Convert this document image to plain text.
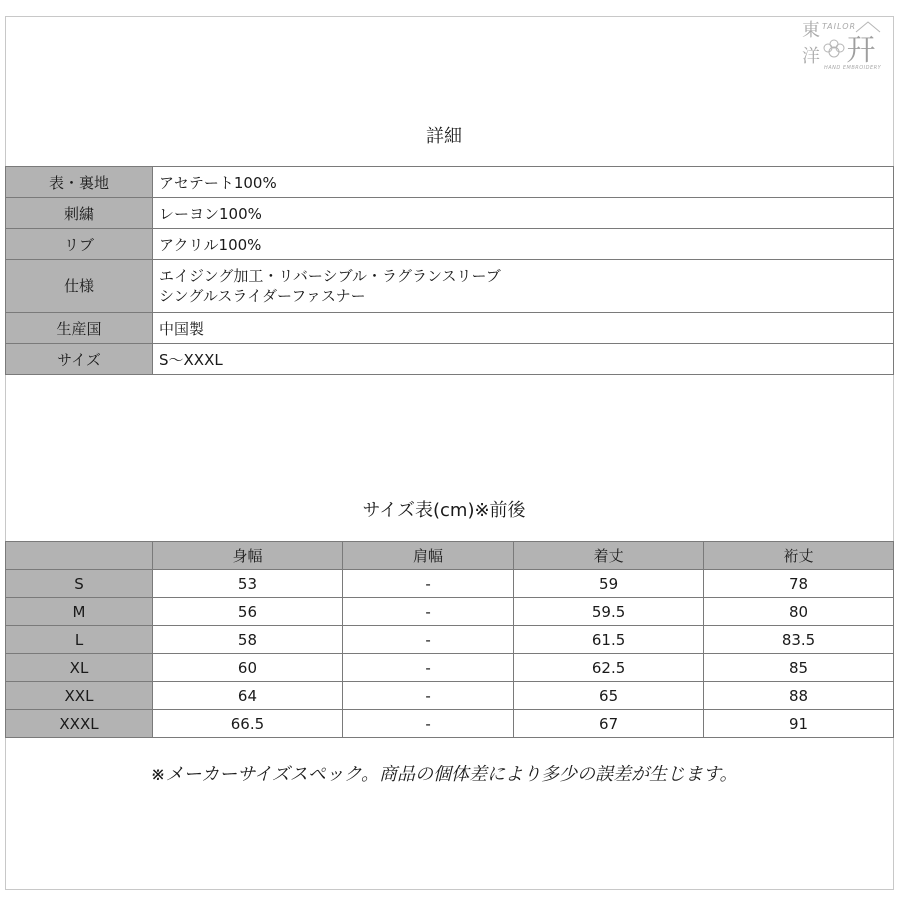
東
洋 幵
TAILOR
HAND EMBROIDERY
詳細
表・裏地	アセテート100%
刺繍	レーヨン100%
リブ	アクリル100%
仕様	エイジング加工・リバーシブル・ラグランスリーブ
シングルスライダーファスナー

生産国	中国製
サイズ	S〜XXXL
サイズ表(cm)※前後
	身幅	肩幅	着丈	裄丈
S	53	-	59	78
M	56	-	59.5	80
L	58	-	61.5	83.5
XL	60	-	62.5	85
XXL	64	-	65	88
XXXL	66.5	-	67	91
※メーカーサイズスペック。商品の個体差により多少の誤差が生じます。
